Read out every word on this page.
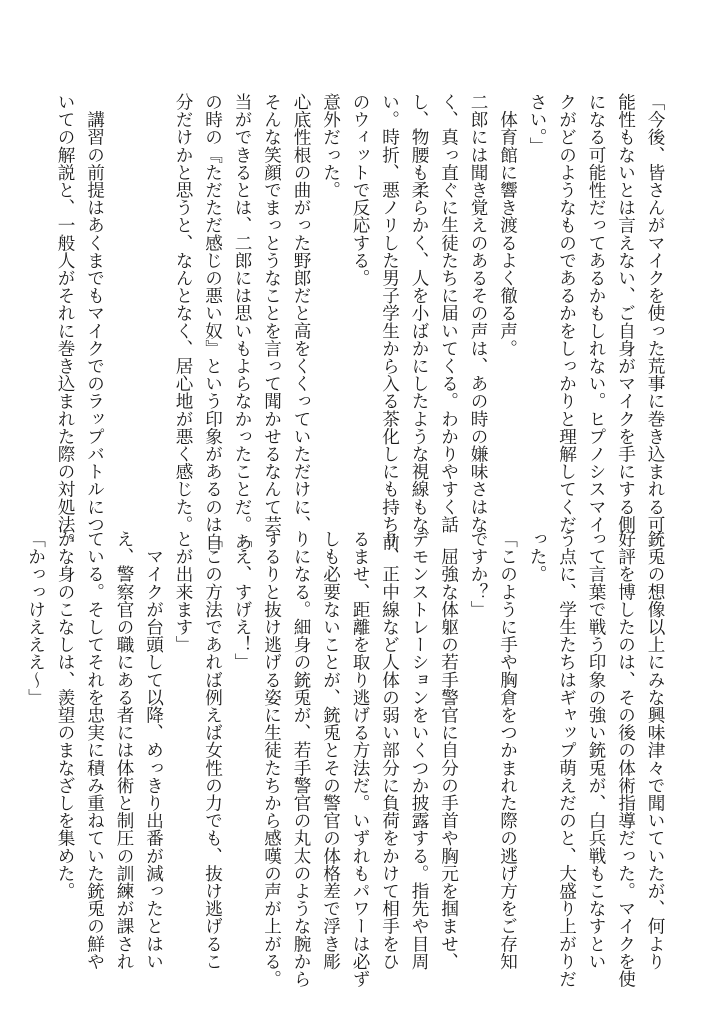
「今後、皆さんがマイクを使った荒事に巻き込まれる可
能性もないとは言えない、ご自身がマイクを手にする側
になる可能性だってあるかもしれない。ヒプノシスマイ
クがどのようなものであるかをしっかりと理解してくだ
さい。」
　体育館に響き渡るよく徹る声。
二郎には聞き覚えのあるその声は、あの時の嫌味さはな
く、真っ直ぐに生徒たちに届いてくる。わかりやすく話
し、物腰も柔らかく、人を小ばかにしたような視線もな
い。時折、悪ノリした男子学生から入る茶化しにも持ち前
のウィットで反応する。
意外だった。
心底性根の曲がった野郎だと高をくくっていただけに、
そんな笑顔でまっとうなことを言って聞かせるなんて芸
当ができるとは、二郎には思いもよらなかったことだ。あ
の時の『ただただ感じの悪い奴』という印象があるのは自
分だけかと思うと、なんとなく、居心地が悪く感じた。
　講習の前提はあくまでもマイクでのラップバトルにつ
いての解説と、一般人がそれに巻き込まれた際の対処法。
銃兎の想像以上にみな興味津々で聞いていたが、何より
好評を博したのは、その後の体術指導だった。マイクを使
って言葉で戦う印象の強い銃兎が、白兵戦もこなすとい
う点に、学生たちはギャップ萌えだのと、大盛り上がりだ
った。
「このように手や胸倉をつかまれた際の逃げ方をご存知
ですか？」
　屈強な体躯の若手警官に自分の手首や胸元を掴ませ、
デモンストレーションをいくつか披露する。指先や目周
り、正中線など人体の弱い部分に負荷をかけて相手をひ
るませ、距離を取り逃げる方法だ。いずれもパワーは必ず
しも必要ないことが、銃兎とその警官の体格差で浮き彫
りになる。細身の銃兎が、若手警官の丸太のような腕から
するりと抜け逃げる姿に生徒たちから感嘆の声が上がる。
「え、すげえ！」
「この方法であれば例えば女性の力でも、抜け逃げるこ
とが出来ます」
　マイクが台頭して以降、めっきり出番が減ったとはい
え、警察官の職にある者には体術と制圧の訓練が課され
ている。そしてそれを忠実に積み重ねていた銃兎の鮮や
かな身のこなしは、羨望のまなざしを集めた。
「かっっけえええ～」
